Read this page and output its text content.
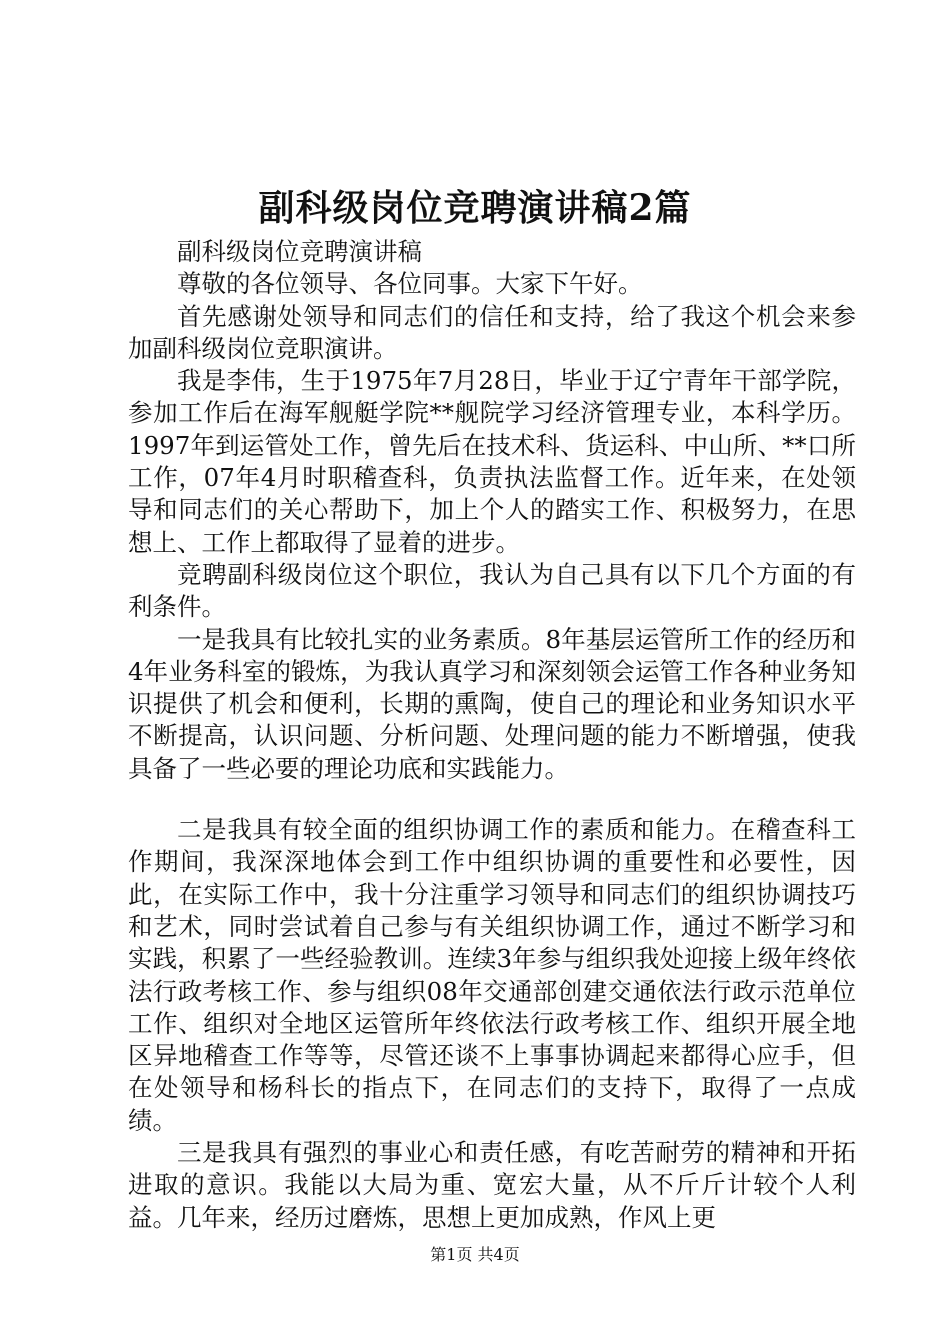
副科级岗位竞聘演讲稿2篇

副科级岗位竞聘演讲稿

尊敬的各位领导、各位同事。大家下午好。

首先感谢处领导和同志们的信任和支持，给了我这个机会来参加副科级岗位竞职演讲。

我是李伟，生于1975年7月28日，毕业于辽宁青年干部学院，参加工作后在海军舰艇学院**舰院学习经济管理专业，本科学历。1997年到运管处工作，曾先后在技术科、货运科、中山所、**口所工作，07年4月时职稽查科，负责执法监督工作。近年来，在处领导和同志们的关心帮助下，加上个人的踏实工作、积极努力，在思想上、工作上都取得了显着的进步。

竞聘副科级岗位这个职位，我认为自己具有以下几个方面的有利条件。

一是我具有比较扎实的业务素质。8年基层运管所工作的经历和4年业务科室的锻炼，为我认真学习和深刻领会运管工作各种业务知识提供了机会和便利，长期的熏陶，使自己的理论和业务知识水平不断提高，认识问题、分析问题、处理问题的能力不断增强，使我具备了一些必要的理论功底和实践能力。

二是我具有较全面的组织协调工作的素质和能力。在稽查科工作期间，我深深地体会到工作中组织协调的重要性和必要性，因此，在实际工作中，我十分注重学习领导和同志们的组织协调技巧和艺术，同时尝试着自己参与有关组织协调工作，通过不断学习和实践，积累了一些经验教训。连续3年参与组织我处迎接上级年终依法行政考核工作、参与组织08年交通部创建交通依法行政示范单位工作、组织对全地区运管所年终依法行政考核工作、组织开展全地区异地稽查工作等等，尽管还谈不上事事协调起来都得心应手，但在处领导和杨科长的指点下，在同志们的支持下，取得了一点成绩。

三是我具有强烈的事业心和责任感，有吃苦耐劳的精神和开拓进取的意识。我能以大局为重、宽宏大量，从不斤斤计较个人利益。几年来，经历过磨炼，思想上更加成熟，作风上更

第1页 共4页
